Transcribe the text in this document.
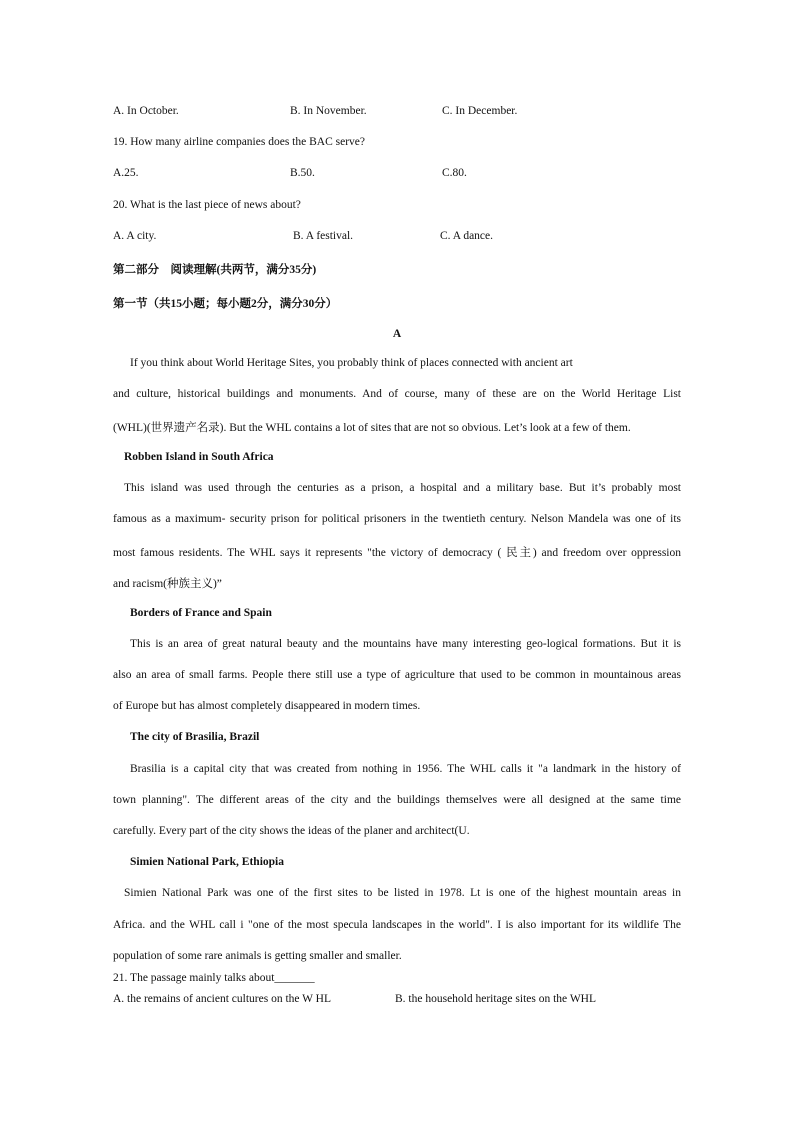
A. In October.	B. In November.	C. In December.
19. How many airline companies does the BAC serve?
A.25.	B.50.	C.80.
20. What is the last piece of news about?
A. A city.	B. A festival.	C. A dance.
第二部分　阅读理解(共两节，满分35分)
第一节（共15小题；每小题2分，满分30分）
A
If you think about World Heritage Sites, you probably think of places connected with ancient art
and culture, historical buildings and monuments. And of course, many of these are on the World Heritage List
(WHL)(世界遗产名录). But the WHL contains a lot of sites that are not so obvious. Let’s look at a few of them.
Robben Island in South Africa
This island was used through the centuries as a prison, a hospital and a military base. But it’s probably most
famous as a maximum- security prison for political prisoners in the twentieth century. Nelson Mandela was one of its
most famous residents. The WHL says it represents "the victory of democracy ( 民主) and freedom over oppression
and racism(种族主义)”
Borders of France and Spain
This is an area of great natural beauty and the mountains have many interesting geo-logical formations. But it is
also an area of small farms. People there still use a type of agriculture that used to be common in mountainous areas
of Europe but has almost completely disappeared in modern times.
The city of Brasilia, Brazil
Brasilia is a capital city that was created from nothing in 1956. The WHL calls it "a landmark in the history of
town planning". The different areas of the city and the buildings themselves were all designed at the same time
carefully. Every part of the city shows the ideas of the planer and architect(U.
Simien National Park, Ethiopia
Simien National Park was one of the first sites to be listed in 1978. Lt is one of the highest mountain areas in
Africa. and the WHL call i "one of the most specula landscapes in the world". I is also important for its wildlife The
population of some rare animals is getting smaller and smaller.
21. The passage mainly talks about_______
A. the remains of ancient cultures on the W HL	B. the household heritage sites on the WHL
